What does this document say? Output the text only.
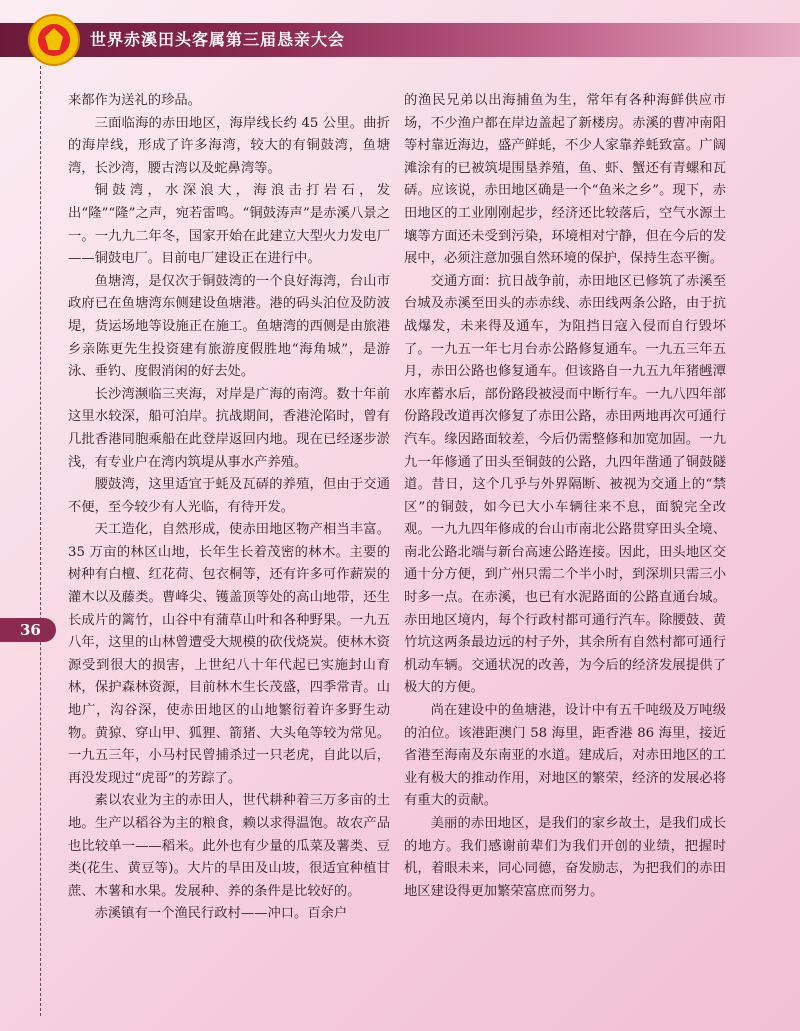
世界赤溪田头客属第三届恳亲大会
36

来都作为送礼的珍品。

三面临海的赤田地区，海岸线长约 45 公里。曲折的海岸线，形成了许多海湾，较大的有铜鼓湾，鱼塘湾，长沙湾，腰古湾以及蛇鼻湾等。

铜鼓湾，水深浪大，海浪击打岩石，发出“隆”“隆”之声，宛若雷鸣。“铜鼓涛声”是赤溪八景之一。一九九二年冬，国家开始在此建立大型火力发电厂——铜鼓电厂。目前电厂建设正在进行中。

鱼塘湾，是仅次于铜鼓湾的一个良好海湾，台山市政府已在鱼塘湾东侧建设鱼塘港。港的码头泊位及防波堤，货运场地等设施正在施工。鱼塘湾的西侧是由旅港乡亲陈更先生投资建有旅游度假胜地“海角城”，是游泳、垂钓、度假消闲的好去处。

长沙湾濒临三夹海，对岸是广海的南湾。数十年前这里水较深，船可泊岸。抗战期间，香港沦陷时，曾有几批香港同胞乘船在此登岸返回内地。现在已经逐步淤浅，有专业户在湾内筑堤从事水产养殖。

腰鼓湾，这里适宜于蚝及瓦硦的养殖，但由于交通不便，至今较少有人光临，有待开发。

天工造化，自然形成，使赤田地区物产相当丰富。35 万亩的林区山地，长年生长着茂密的林木。主要的树种有白檀、红花荷、包衣桐等，还有许多可作薪炭的灌木以及藤类。曹峰尖、镬盖顶等处的高山地带，还生长成片的篱竹，山谷中有蒲草山叶和各种野果。一九五八年，这里的山林曾遭受大规模的砍伐烧炭。使林木资源受到很大的损害，上世纪八十年代起已实施封山育林，保护森林资源，目前林木生长茂盛，四季常青。山地广，沟谷深，使赤田地区的山地繁衍着许多野生动物。黄猄、穿山甲、狐狸、箭猪、大头龟等较为常见。一九五三年，小马村民曾捕杀过一只老虎，自此以后，再没发现过“虎哥”的芳踪了。

素以农业为主的赤田人，世代耕种着三万多亩的土地。生产以稻谷为主的粮食，赖以求得温饱。故农产品也比较单一——稻米。此外也有少量的瓜菜及薯类、豆类(花生、黄豆等)。大片的旱田及山坡，很适宜种植甘蔗、木薯和水果。发展种、养的条件是比较好的。

赤溪镇有一个渔民行政村——冲口。百余户

的渔民兄弟以出海捕鱼为生，常年有各种海鲜供应市场，不少渔户都在岸边盖起了新楼房。赤溪的曹冲南阳等村靠近海边，盛产鲜蚝，不少人家靠养蚝致富。广阔滩涂有的已被筑堤围垦养殖，鱼、虾、蟹还有青螺和瓦硦。应该说，赤田地区确是一个“鱼米之乡”。现下，赤田地区的工业刚刚起步，经济还比较落后，空气水源土壤等方面还未受到污染，环境相对宁静，但在今后的发展中，必须注意加强自然环境的保护，保持生态平衡。

交通方面：抗日战争前，赤田地区已修筑了赤溪至台城及赤溪至田头的赤赤线、赤田线两条公路，由于抗战爆发，未来得及通车，为阻挡日寇入侵而自行毁坏了。一九五一年七月台赤公路修复通车。一九五三年五月，赤田公路也修复通车。但该路自一九五九年猪乸潭水库蓄水后，部份路段被浸而中断行车。一九八四年部份路段改道再次修复了赤田公路，赤田两地再次可通行汽车。缘因路面较差，今后仍需整修和加宽加固。一九九一年修通了田头至铜鼓的公路，九四年凿通了铜鼓隧道。昔日，这个几乎与外界隔断、被视为交通上的“禁区”的铜鼓，如今已大小车辆往来不息，面貌完全改观。一九九四年修成的台山市南北公路贯穿田头全境、南北公路北端与新台高速公路连接。因此，田头地区交通十分方便，到广州只需二个半小时，到深圳只需三小时多一点。在赤溪，也已有水泥路面的公路直通台城。赤田地区境内，每个行政村都可通行汽车。除腰鼓、黄竹坑这两条最边远的村子外，其余所有自然村都可通行机动车辆。交通状况的改善，为今后的经济发展提供了极大的方便。

尚在建设中的鱼塘港，设计中有五千吨级及万吨级的泊位。该港距澳门 58 海里，距香港 86 海里，接近省港至海南及东南亚的水道。建成后，对赤田地区的工业有极大的推动作用，对地区的繁荣，经济的发展必将有重大的贡献。

美丽的赤田地区，是我们的家乡故土，是我们成长的地方。我们感谢前辈们为我们开创的业绩，把握时机，着眼未来，同心同德，奋发励志，为把我们的赤田地区建设得更加繁荣富庶而努力。
